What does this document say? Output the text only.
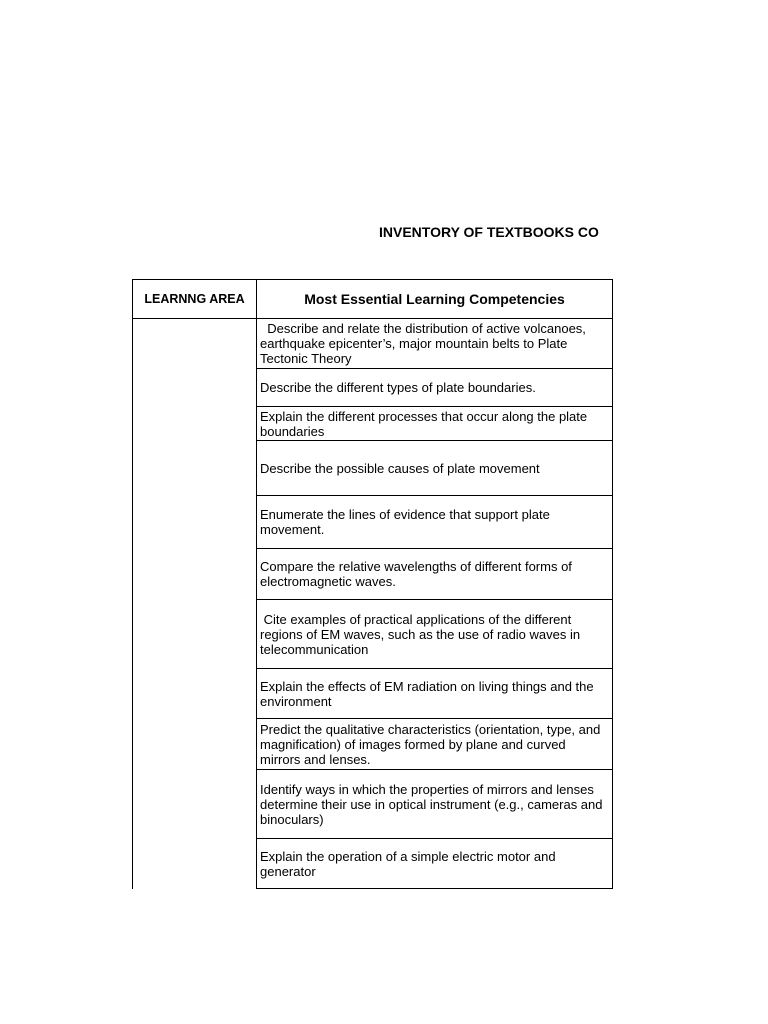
INVENTORY OF TEXTBOOKS CO
LEARNNG AREA	Most Essential Learning Competencies
Describe and relate the distribution of active volcanoes, earthquake epicenter’s, major mountain belts to Plate Tectonic Theory
Describe the different types of plate boundaries.
Explain the different processes that occur along the plate boundaries
Describe the possible causes of plate movement
Enumerate the lines of evidence that support plate movement.
Compare the relative wavelengths of different forms of electromagnetic waves.
Cite examples of practical applications of the different regions of EM waves, such as the use of radio waves in telecommunication
Explain the effects of EM radiation on living things and the environment
Predict the qualitative characteristics (orientation, type, and magnification) of images formed by plane and curved mirrors and lenses.
Identify ways in which the properties of mirrors and lenses determine their use in optical instrument (e.g., cameras and binoculars)
Explain the operation of a simple electric motor and generator
